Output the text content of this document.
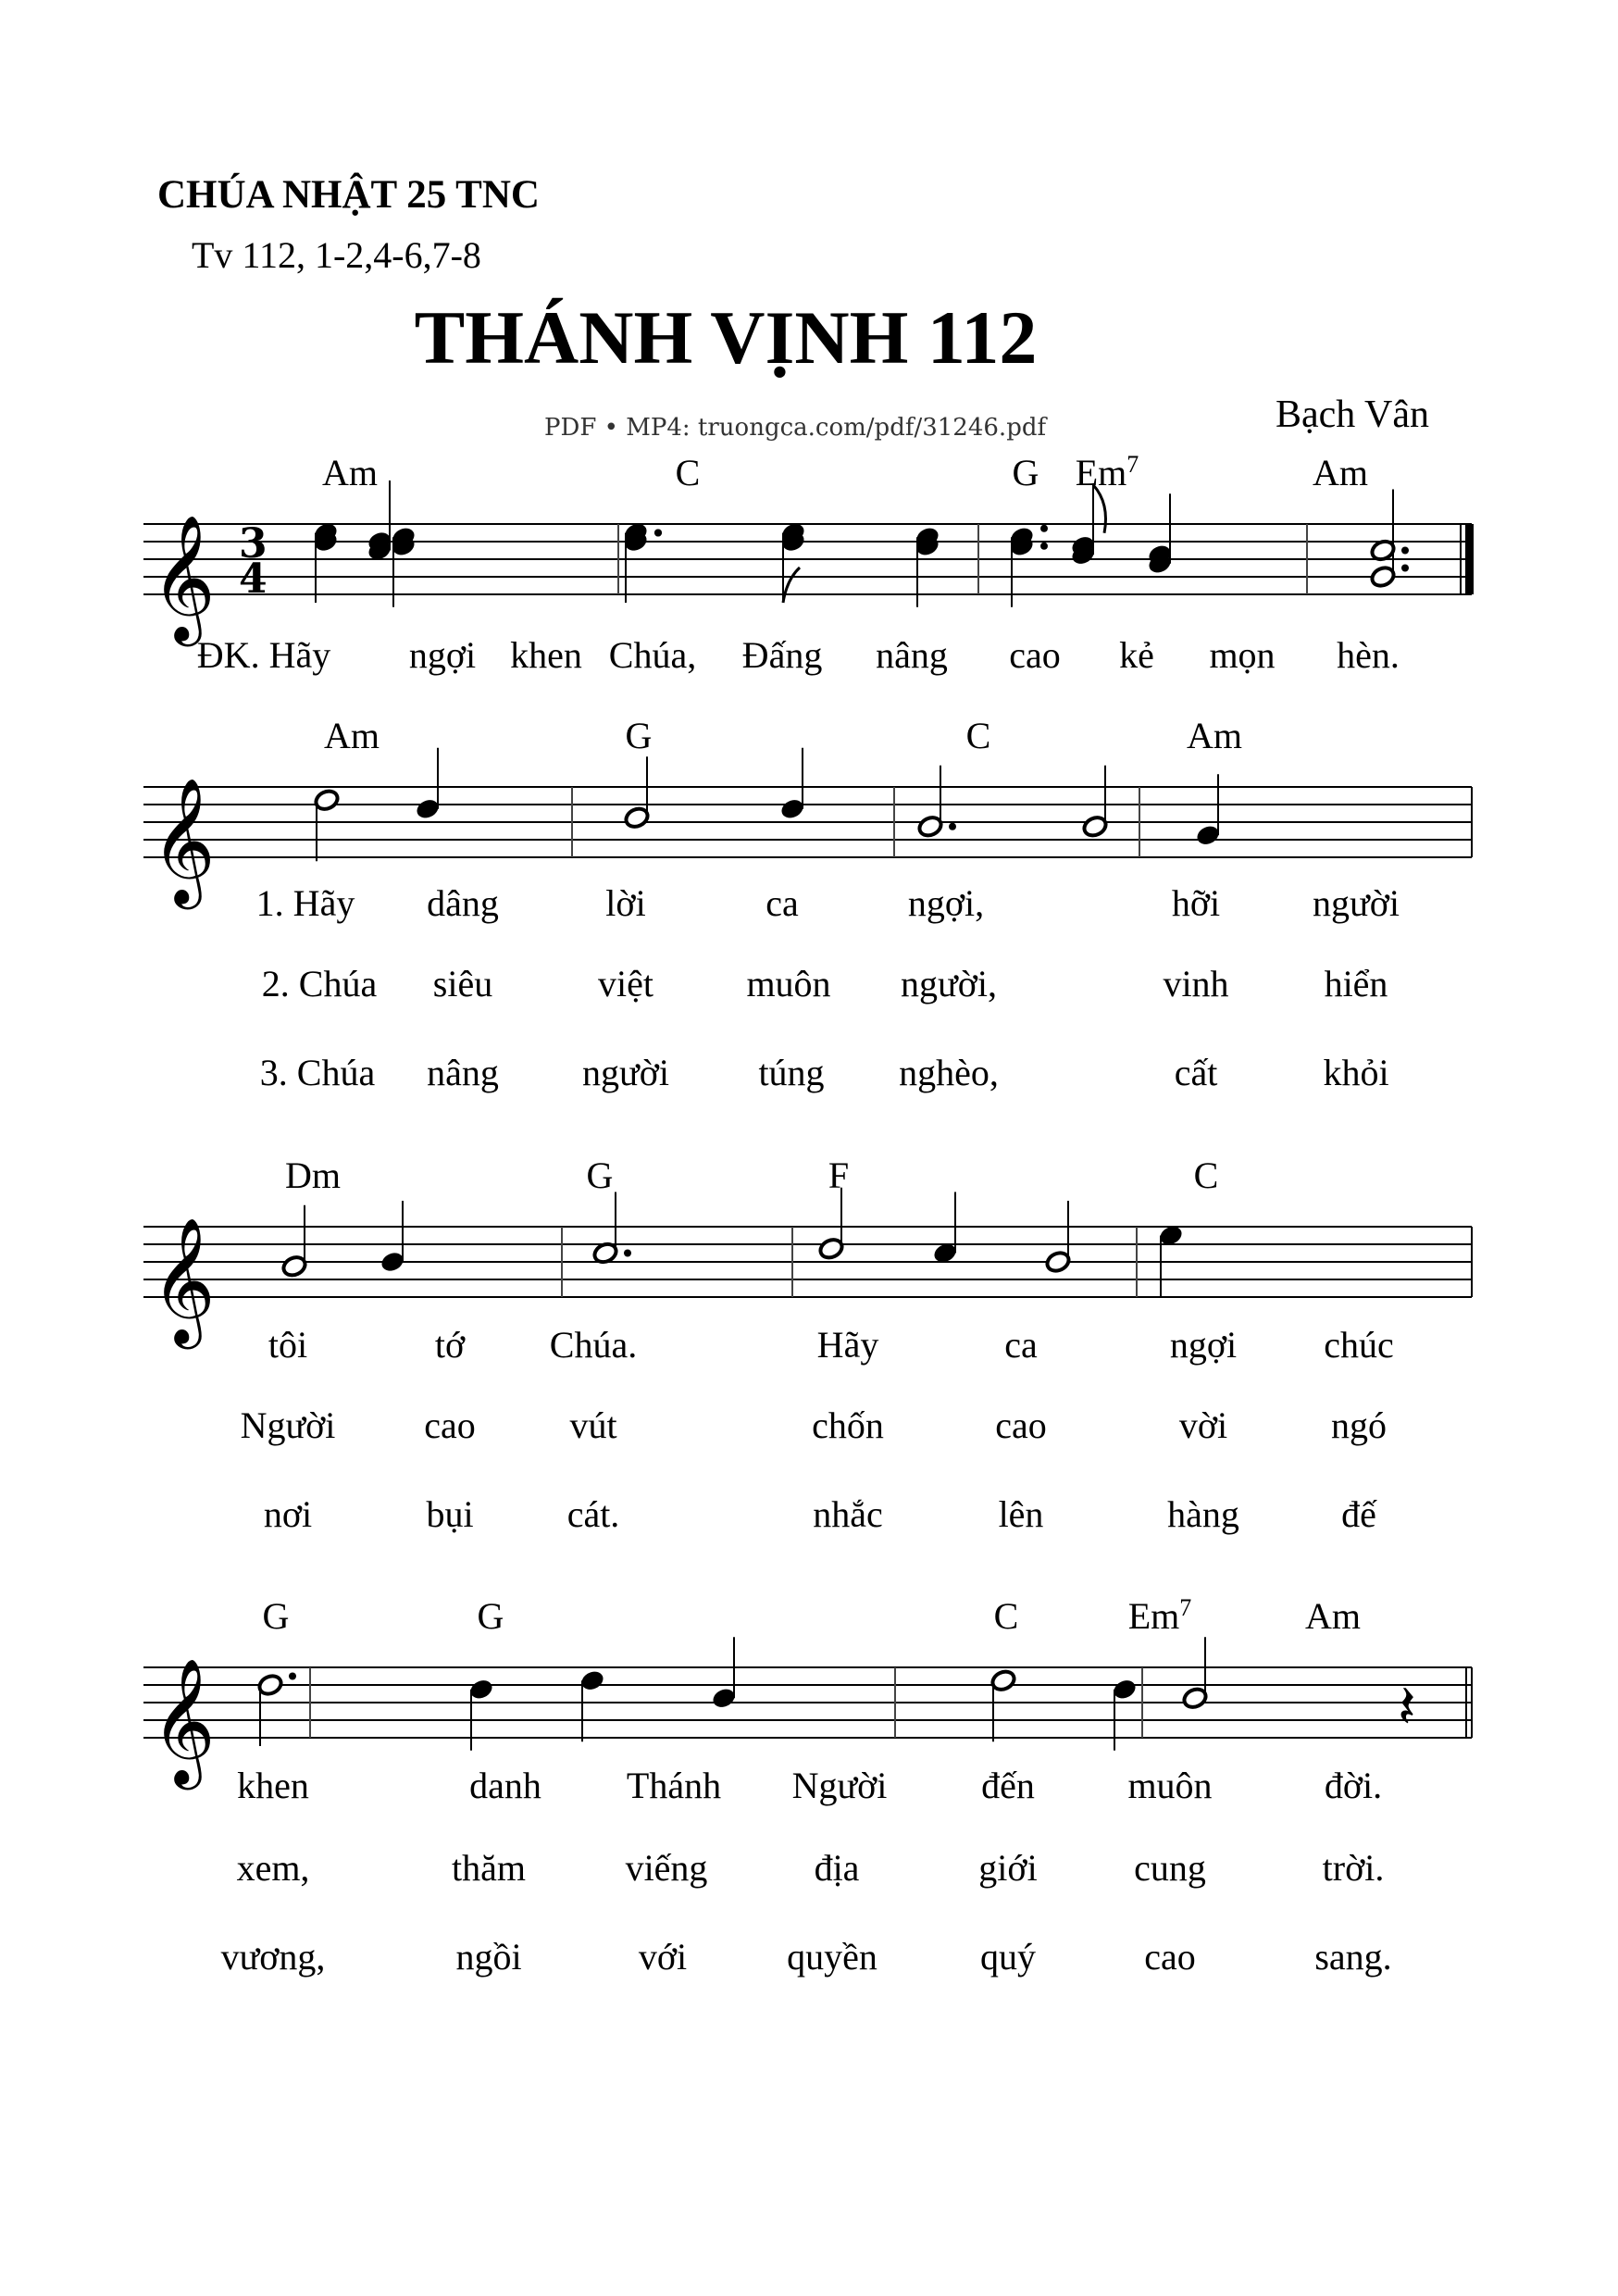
CHÚA NHẬT 25 TNC
Tv 112, 1-2,4-6,7-8
THÁNH VỊNH 112
PDF • MP4: truongca.com/pdf/31246.pdf	Bạch Vân
𝄞 3
4
Am	C	G Em$^7$	Am
ĐK. Hãy ngợi khen Chúa, Đấng nâng cao kẻ mọn hèn.
𝄞
Am	G	C	Am
1. Hãy dâng	lời	ca	ngợi,	hỡi người
2. Chúa siêu	việt	muôn người,	vinh	hiển
3. Chúa nâng người túng nghèo,	cất	khỏi
𝄞
Dm	G	F	C
tôi	tớ Chúa.	Hãy	ca	ngợi chúc
Người cao	vút	chốn	cao	vời	ngó
nơi	bụi	cát.	nhắc	lên	hàng	đế
𝄞	𝄽
G	G	C	Em$^7$	Am
khen	danh Thánh Người	đến	muôn	đời.
xem,	thăm	viếng	địa	giới	cung	trời.
vương,	ngồi	với	quyền	quý	cao	sang.
